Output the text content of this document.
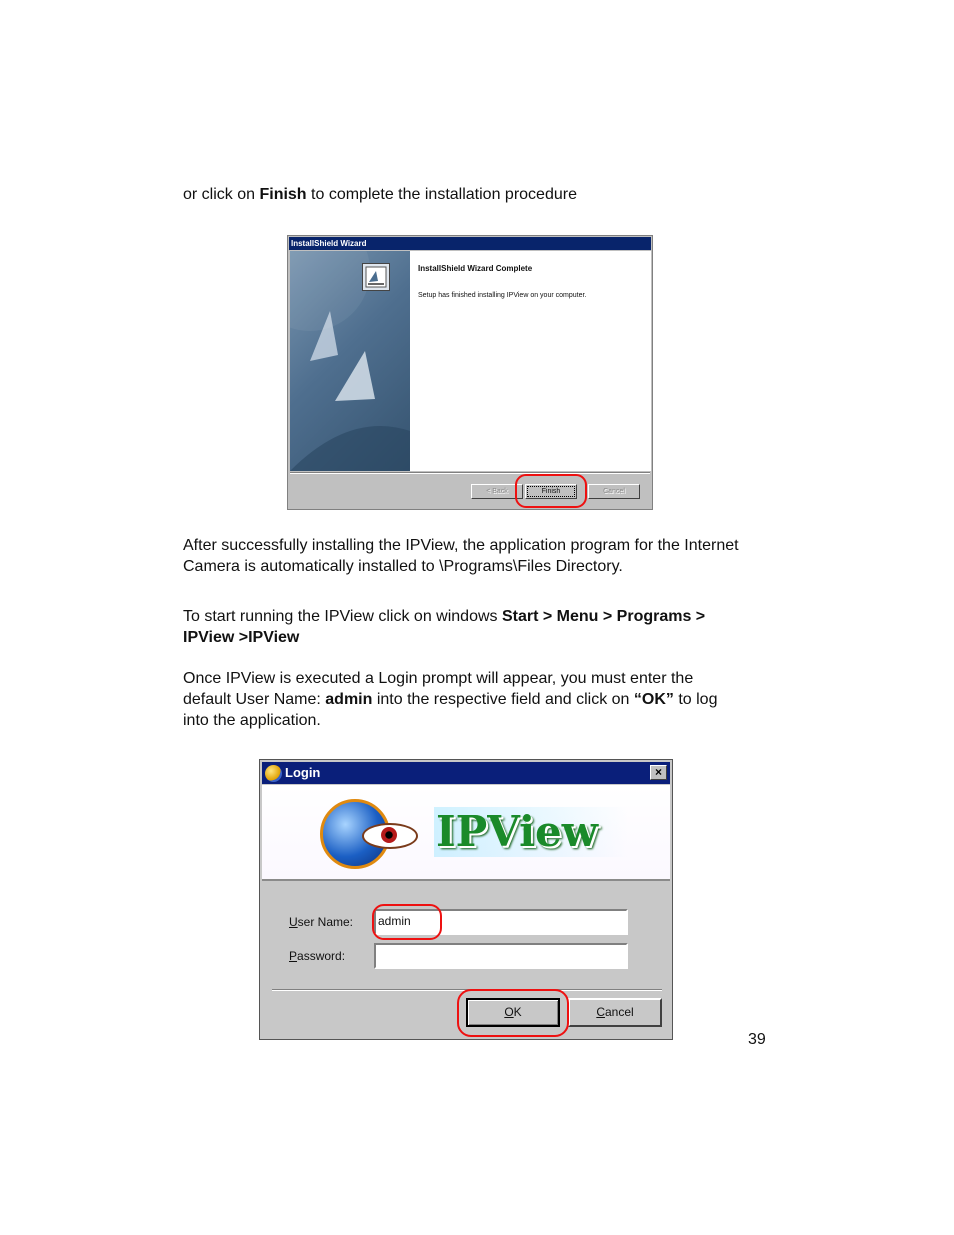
or click on Finish to complete the installation procedure

InstallShield Wizard
InstallShield Wizard Complete
Setup has finished installing IPView on your computer.
< Back	Finish	Cancel

After successfully installing the IPView, the application program for the Internet
Camera is automatically installed to \Programs\Files Directory.

To start running the IPView click on windows Start > Menu > Programs >
IPView >IPView

Once IPView is executed a Login prompt will appear, you must enter the
default User Name: admin into the respective field and click on “OK” to log
into the application.

Login	×
IPView
User Name:	admin
Password:
OK	Cancel
39
